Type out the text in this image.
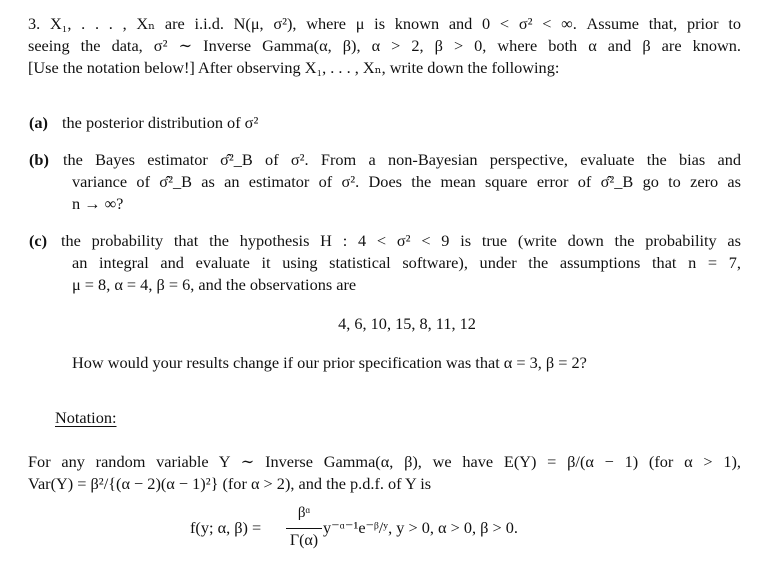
3. X₁, . . . , Xₙ are i.i.d. N(μ, σ²), where μ is known and 0 < σ² < ∞. Assume that, prior to
seeing the data, σ² ∼ Inverse Gamma(α, β), α > 2, β > 0, where both α and β are known.
[Use the notation below!] After observing X₁, . . . , Xₙ, write down the following:
(a) the posterior distribution of σ²
(b) the Bayes estimator σ̂²_B of σ². From a non-Bayesian perspective, evaluate the bias and
variance of σ̂²_B as an estimator of σ². Does the mean square error of σ̂²_B go to zero as
n → ∞?
(c) the probability that the hypothesis H : 4 < σ² < 9 is true (write down the probability as
an integral and evaluate it using statistical software), under the assumptions that n = 7,
μ = 8, α = 4, β = 6, and the observations are
4, 6, 10, 15, 8, 11, 12
How would your results change if our prior specification was that α = 3, β = 2?
Notation:
For any random variable Y ∼ Inverse Gamma(α, β), we have E(Y) = β/(α − 1) (for α > 1),
Var(Y) = β²/{(α − 2)(α − 1)²} (for α > 2), and the p.d.f. of Y is
f(y; α, β) =
βᵅ
Γ(α)
y⁻ᵅ⁻¹e⁻ᵝ/ʸ, y > 0, α > 0, β > 0.
